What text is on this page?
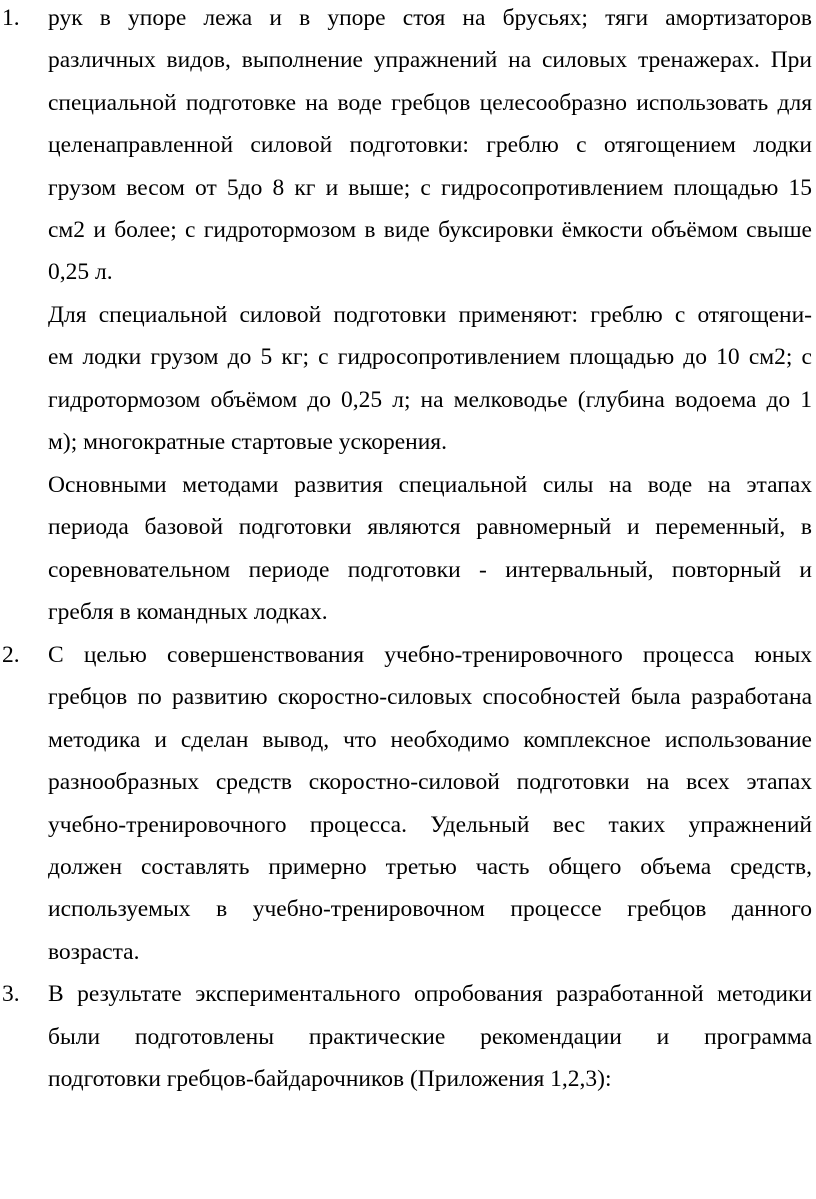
1. рук в упоре лежа и в упоре стоя на брусьях; тяги амортизаторов
различных видов, выполнение упражнений на силовых тренажерах. При
специальной подготовке на воде гребцов целесообразно использовать для
целенаправленной силовой подготовки: греблю с отягощением лодки
грузом весом от 5до 8 кг и выше; с гидросопротивлением площадью 15
см2 и более; с гидротормозом в виде буксировки ёмкости объёмом свыше
0,25 л.
Для специальной силовой подготовки применяют: греблю с отягощени-
ем лодки грузом до 5 кг; с гидросопротивлением площадью до 10 см2; с
гидротормозом объёмом до 0,25 л; на мелководье (глубина водоема до 1
м); многократные стартовые ускорения.
Основными методами развития специальной силы на воде на этапах
периода базовой подготовки являются равномерный и переменный, в
соревновательном периоде подготовки - интервальный, повторный и
гребля в командных лодках.
2. С целью совершенствования учебно-тренировочного процесса юных
гребцов по развитию скоростно-силовых способностей была разработана
методика и сделан вывод, что необходимо комплексное использование
разнообразных средств скоростно-силовой подготовки на всех этапах
учебно-тренировочного процесса. Удельный вес таких упражнений
должен составлять примерно третью часть общего объема средств,
используемых в учебно-тренировочном процессе гребцов данного
возраста.
3. В результате экспериментального опробования разработанной методики
были подготовлены практические рекомендации и программа
подготовки гребцов-байдарочников (Приложения 1,2,3):
